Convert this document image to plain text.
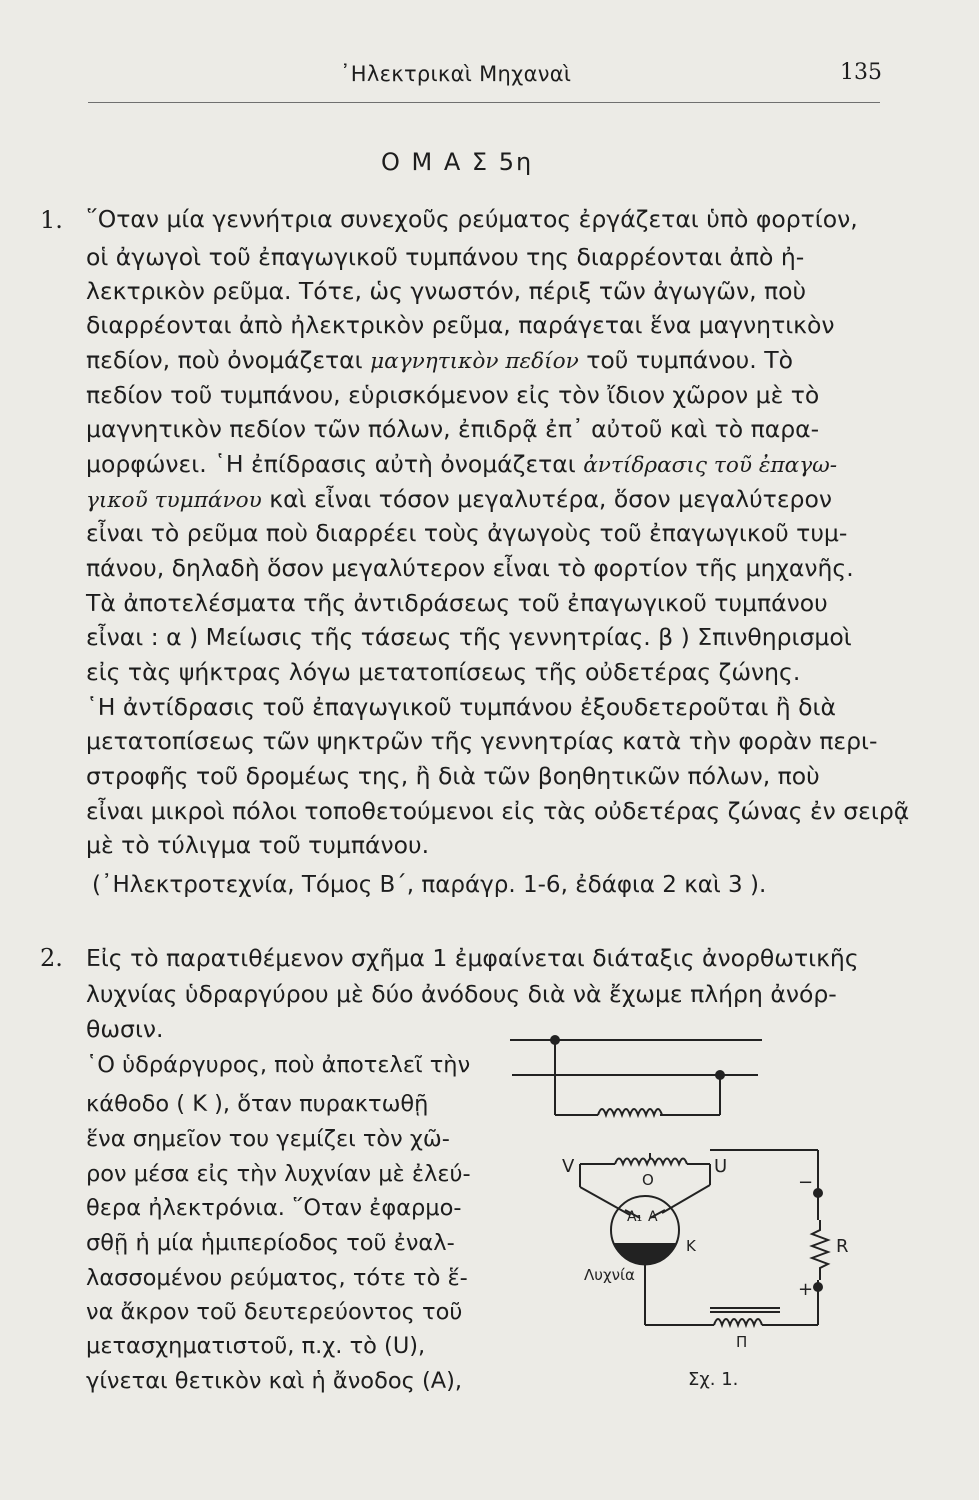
᾿Ηλεκτρικαὶ Μηχαναὶ	135
Ο Μ Α Σ 5η
1. ῞Οταν μία γεννήτρια συνεχοῦς ρεύματος ἐργάζεται ὑπὸ φορτίον,
οἱ ἀγωγοὶ τοῦ ἐπαγωγικοῦ τυμπάνου της διαρρέονται ἀπὸ ἠ-
λεκτρικὸν ρεῦμα. Τότε, ὡς γνωστόν, πέριξ τῶν ἀγωγῶν, ποὺ
διαρρέονται ἀπὸ ἠλεκτρικὸν ρεῦμα, παράγεται ἕνα μαγνητικὸν
πεδίον, ποὺ ὀνομάζεται μαγνητικὸν πεδίον τοῦ τυμπάνου. Τὸ
πεδίον τοῦ τυμπάνου, εὑρισκόμενον εἰς τὸν ἴδιον χῶρον μὲ τὸ
μαγνητικὸν πεδίον τῶν πόλων, ἐπιδρᾷ ἐπ᾿ αὐτοῦ καὶ τὸ παρα-
μορφώνει. ῾Η ἐπίδρασις αὐτὴ ὀνομάζεται ἀντίδρασις τοῦ ἐπαγω-
γικοῦ τυμπάνου καὶ εἶναι τόσον μεγαλυτέρα, ὅσον μεγαλύτερον
εἶναι τὸ ρεῦμα ποὺ διαρρέει τοὺς ἀγωγοὺς τοῦ ἐπαγωγικοῦ τυμ-
πάνου, δηλαδὴ ὅσον μεγαλύτερον εἶναι τὸ φορτίον τῆς μηχανῆς.
Τὰ ἀποτελέσματα τῆς ἀντιδράσεως τοῦ ἐπαγωγικοῦ τυμπάνου
εἶναι : α ) Μείωσις τῆς τάσεως τῆς γεννητρίας. β ) Σπινθηρισμοὶ
εἰς τὰς ψήκτρας λόγω μετατοπίσεως τῆς οὐδετέρας ζώνης.
῾Η ἀντίδρασις τοῦ ἐπαγωγικοῦ τυμπάνου ἐξουδετεροῦται ἢ διὰ
μετατοπίσεως τῶν ψηκτρῶν τῆς γεννητρίας κατὰ τὴν φορὰν περι-
στροφῆς τοῦ δρομέως της, ἢ διὰ τῶν βοηθητικῶν πόλων, ποὺ
εἶναι μικροὶ πόλοι τοποθετούμενοι εἰς τὰς οὐδετέρας ζώνας ἐν σειρᾷ
μὲ τὸ τύλιγμα τοῦ τυμπάνου.
(᾿Ηλεκτροτεχνία, Τόμος Β΄, παράγρ. 1-6, ἐδάφια 2 καὶ 3 ).
2. Εἰς τὸ παρατιθέμενον σχῆμα 1 ἐμφαίνεται διάταξις ἀνορθωτικῆς
λυχνίας ὑδραργύρου μὲ δύο ἀνόδους διὰ νὰ ἔχωμε πλήρη ἀνόρ-
θωσιν.
῾Ο ὑδράργυρος, ποὺ ἀποτελεῖ τὴν
κάθοδο ( Κ ), ὅταν πυρακτωθῇ
ἕνα σημεῖον του γεμίζει τὸν χῶ-
ρον μέσα εἰς τὴν λυχνίαν μὲ ἐλεύ-
θερα ἠλεκτρόνια. ῞Οταν ἐφαρμο-
σθῇ ἡ μία ἡμιπερίοδος τοῦ ἐναλ-
λασσομένου ρεύματος, τότε τὸ ἕ-
να ἄκρον τοῦ δευτερεύοντος τοῦ
μετασχηματιστοῦ, π.χ. τὸ (U),
γίνεται θετικὸν καὶ ἡ ἄνοδος (Α),
V
O
U
−
+
R
A₁ A
K
Λυχνία
Π
Σχ. 1.
